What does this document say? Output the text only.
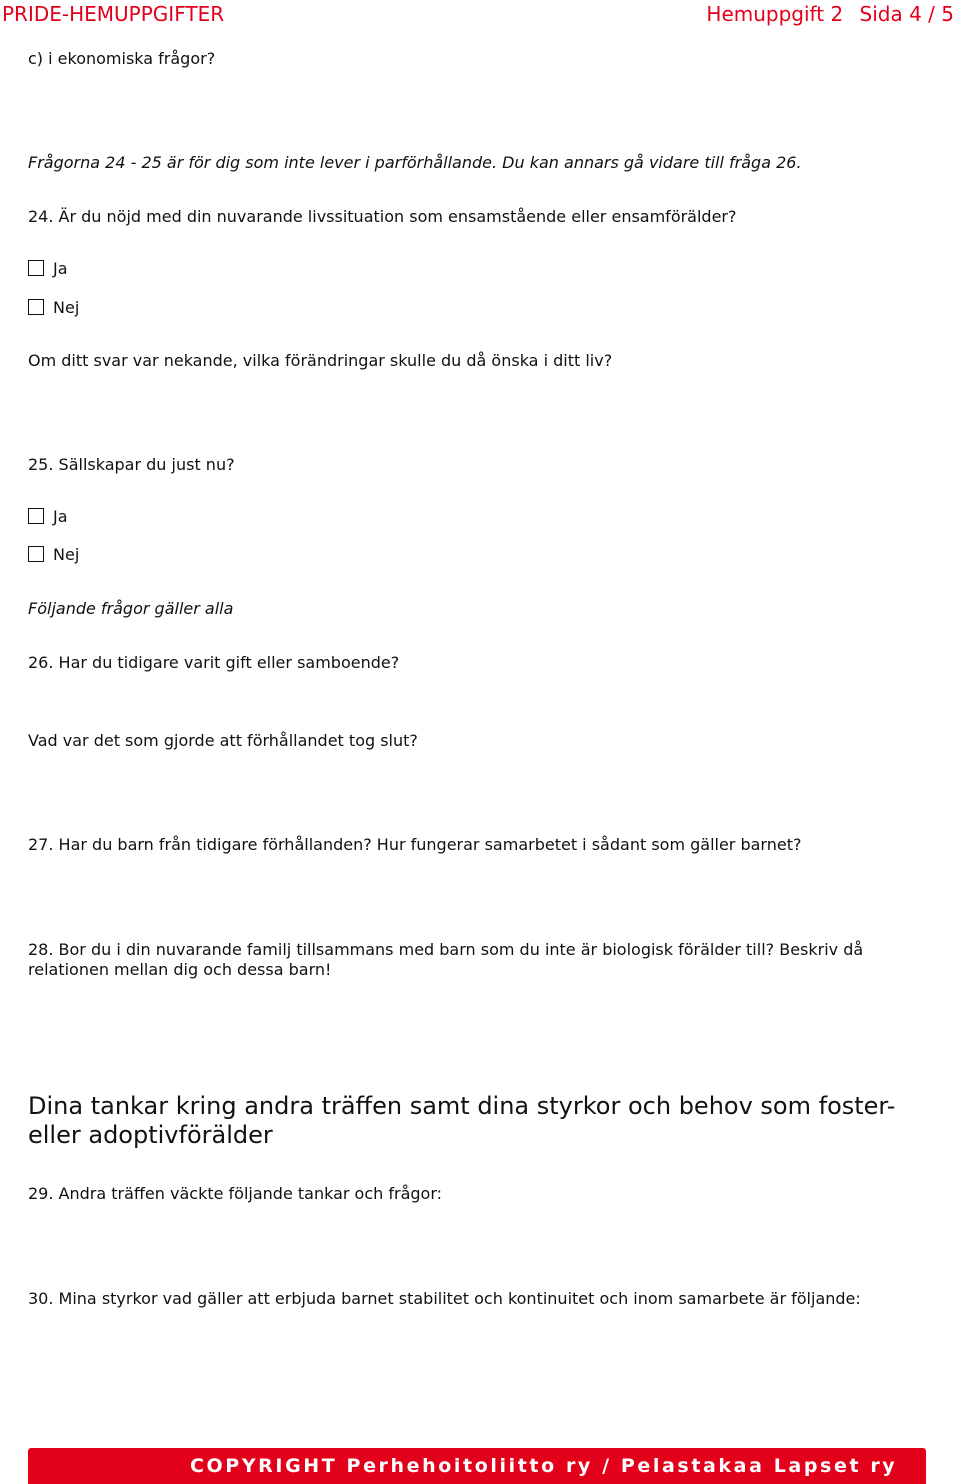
PRIDE-HEMUPPGIFTER	Hemuppgift 2 Sida 4 / 5
c) i ekonomiska frågor?
Frågorna 24 - 25 är för dig som inte lever i parförhållande. Du kan annars gå vidare till fråga 26.
24. Är du nöjd med din nuvarande livssituation som ensamstående eller ensamförälder?
Ja
Nej
Om ditt svar var nekande, vilka förändringar skulle du då önska i ditt liv?
25. Sällskapar du just nu?
Ja
Nej
Följande frågor gäller alla
26. Har du tidigare varit gift eller samboende?
Vad var det som gjorde att förhållandet tog slut?
27. Har du barn från tidigare förhållanden? Hur fungerar samarbetet i sådant som gäller barnet?
28. Bor du i din nuvarande familj tillsammans med barn som du inte är biologisk förälder till? Beskriv då
relationen mellan dig och dessa barn!
Dina tankar kring andra träffen samt dina styrkor och behov som foster- eller adoptivförälder
29. Andra träffen väckte följande tankar och frågor:
30. Mina styrkor vad gäller att erbjuda barnet stabilitet och kontinuitet och inom samarbete är följande:
COPYRIGHT Perhehoitoliitto ry / Pelastakaa Lapset ry
